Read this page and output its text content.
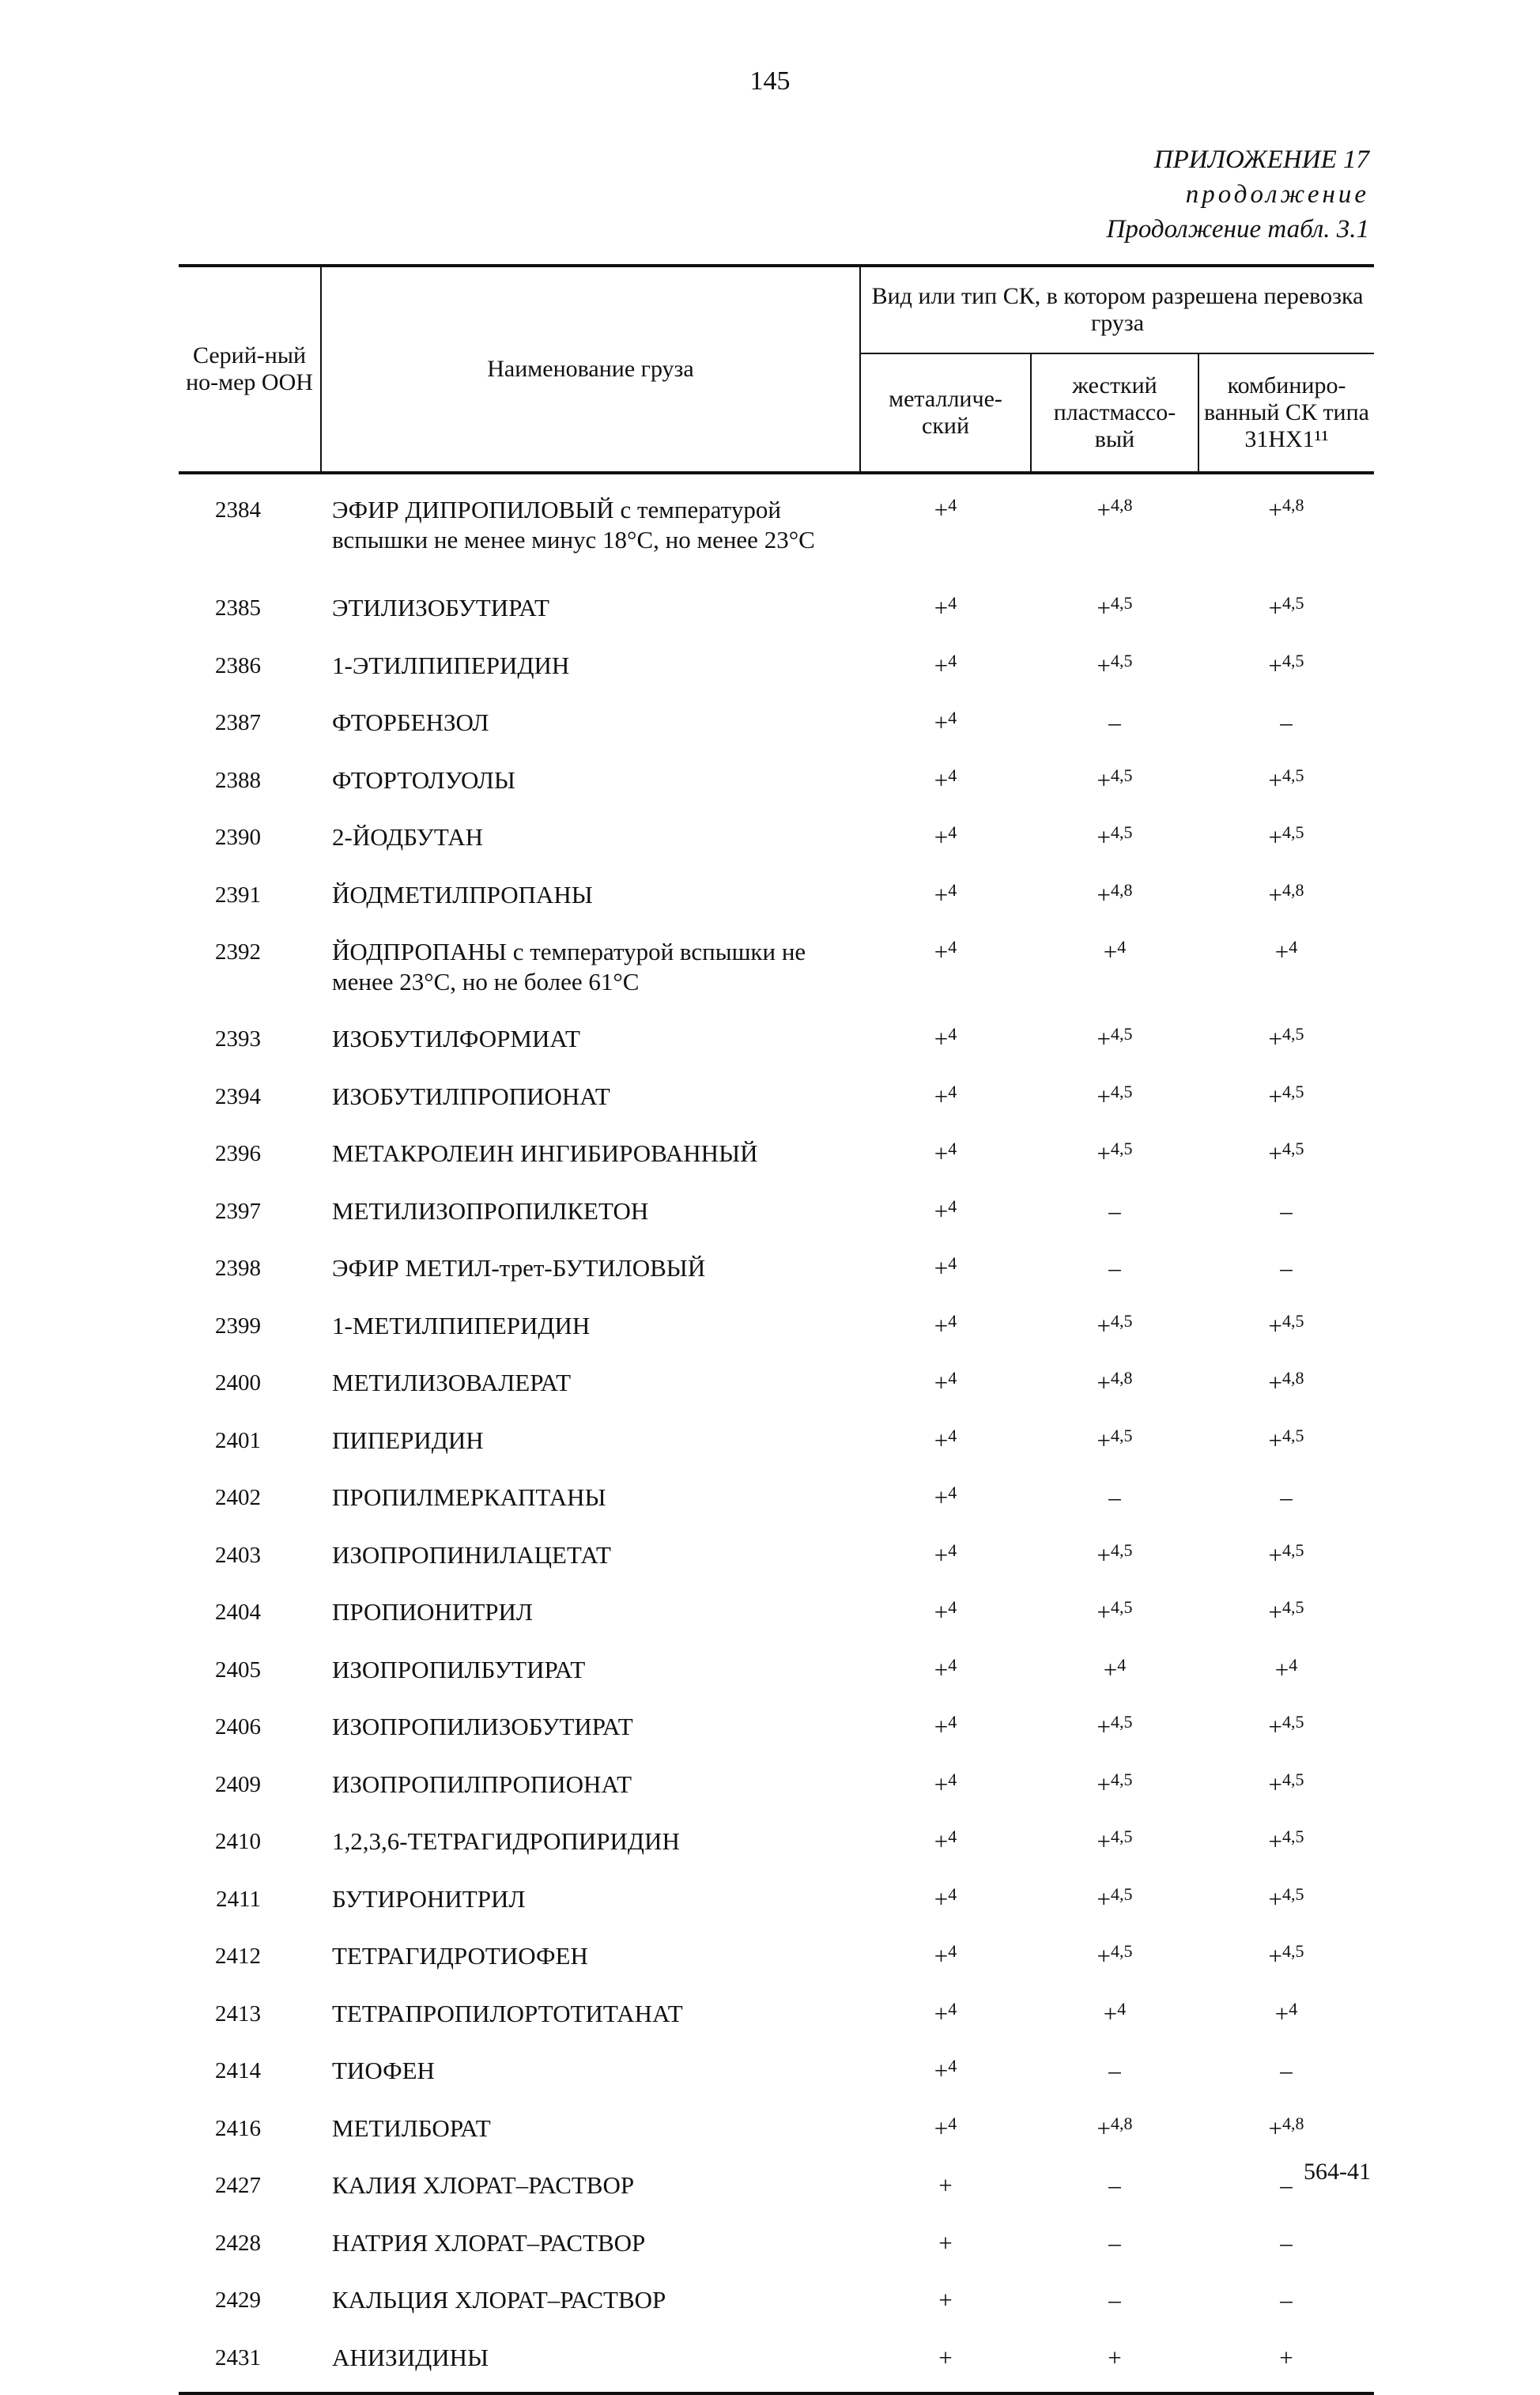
145
ПРИЛОЖЕНИЕ 17
продолжение
Продолжение табл. 3.1
Серий-ный но-мер ООН	Наименование груза	Вид или тип СК, в котором разрешена перевозка груза		
		металличе-ский	жесткий пластмассо-вый	комбиниро-ванный СК типа 31НХ1¹¹
2384	ЭФИР ДИПРОПИЛОВЫЙ с температурой вспышки не менее минус 18°С, но менее 23°С	+$^4$	+$^{4,8}$	+$^{4,8}$
2385	ЭТИЛИЗОБУТИРАТ	+$^4$	+$^{4,5}$	+$^{4,5}$
2386	1-ЭТИЛПИПЕРИДИН	+$^4$	+$^{4,5}$	+$^{4,5}$
2387	ФТОРБЕНЗОЛ	+$^4$	–	–
2388	ФТОРТОЛУОЛЫ	+$^4$	+$^{4,5}$	+$^{4,5}$
2390	2-ЙОДБУТАН	+$^4$	+$^{4,5}$	+$^{4,5}$
2391	ЙОДМЕТИЛПРОПАНЫ	+$^4$	+$^{4,8}$	+$^{4,8}$
2392	ЙОДПРОПАНЫ с температурой вспышки не менее 23°С, но не более 61°С	+$^4$	+$^4$	+$^4$
2393	ИЗОБУТИЛФОРМИАТ	+$^4$	+$^{4,5}$	+$^{4,5}$
2394	ИЗОБУТИЛПРОПИОНАТ	+$^4$	+$^{4,5}$	+$^{4,5}$
2396	МЕТАКРОЛЕИН ИНГИБИРОВАННЫЙ	+$^4$	+$^{4,5}$	+$^{4,5}$
2397	МЕТИЛИЗОПРОПИЛКЕТОН	+$^4$	–	–
2398	ЭФИР МЕТИЛ-трет-БУТИЛОВЫЙ	+$^4$	–	–
2399	1-МЕТИЛПИПЕРИДИН	+$^4$	+$^{4,5}$	+$^{4,5}$
2400	МЕТИЛИЗОВАЛЕРАТ	+$^4$	+$^{4,8}$	+$^{4,8}$
2401	ПИПЕРИДИН	+$^4$	+$^{4,5}$	+$^{4,5}$
2402	ПРОПИЛМЕРКАПТАНЫ	+$^4$	–	–
2403	ИЗОПРОПИНИЛАЦЕТАТ	+$^4$	+$^{4,5}$	+$^{4,5}$
2404	ПРОПИОНИТРИЛ	+$^4$	+$^{4,5}$	+$^{4,5}$
2405	ИЗОПРОПИЛБУТИРАТ	+$^4$	+$^4$	+$^4$
2406	ИЗОПРОПИЛИЗОБУТИРАТ	+$^4$	+$^{4,5}$	+$^{4,5}$
2409	ИЗОПРОПИЛПРОПИОНАТ	+$^4$	+$^{4,5}$	+$^{4,5}$
2410	1,2,3,6-ТЕТРАГИДРОПИРИДИН	+$^4$	+$^{4,5}$	+$^{4,5}$
2411	БУТИРОНИТРИЛ	+$^4$	+$^{4,5}$	+$^{4,5}$
2412	ТЕТРАГИДРОТИОФЕН	+$^4$	+$^{4,5}$	+$^{4,5}$
2413	ТЕТРАПРОПИЛОРТОТИТАНАТ	+$^4$	+$^4$	+$^4$
2414	ТИОФЕН	+$^4$	–	–
2416	МЕТИЛБОРАТ	+$^4$	+$^{4,8}$	+$^{4,8}$
2427	КАЛИЯ ХЛОРАТ–РАСТВОР	+	–	–
2428	НАТРИЯ ХЛОРАТ–РАСТВОР	+	–	–
2429	КАЛЬЦИЯ ХЛОРАТ–РАСТВОР	+	–	–
2431	АНИЗИДИНЫ	+	+	+
564-41
